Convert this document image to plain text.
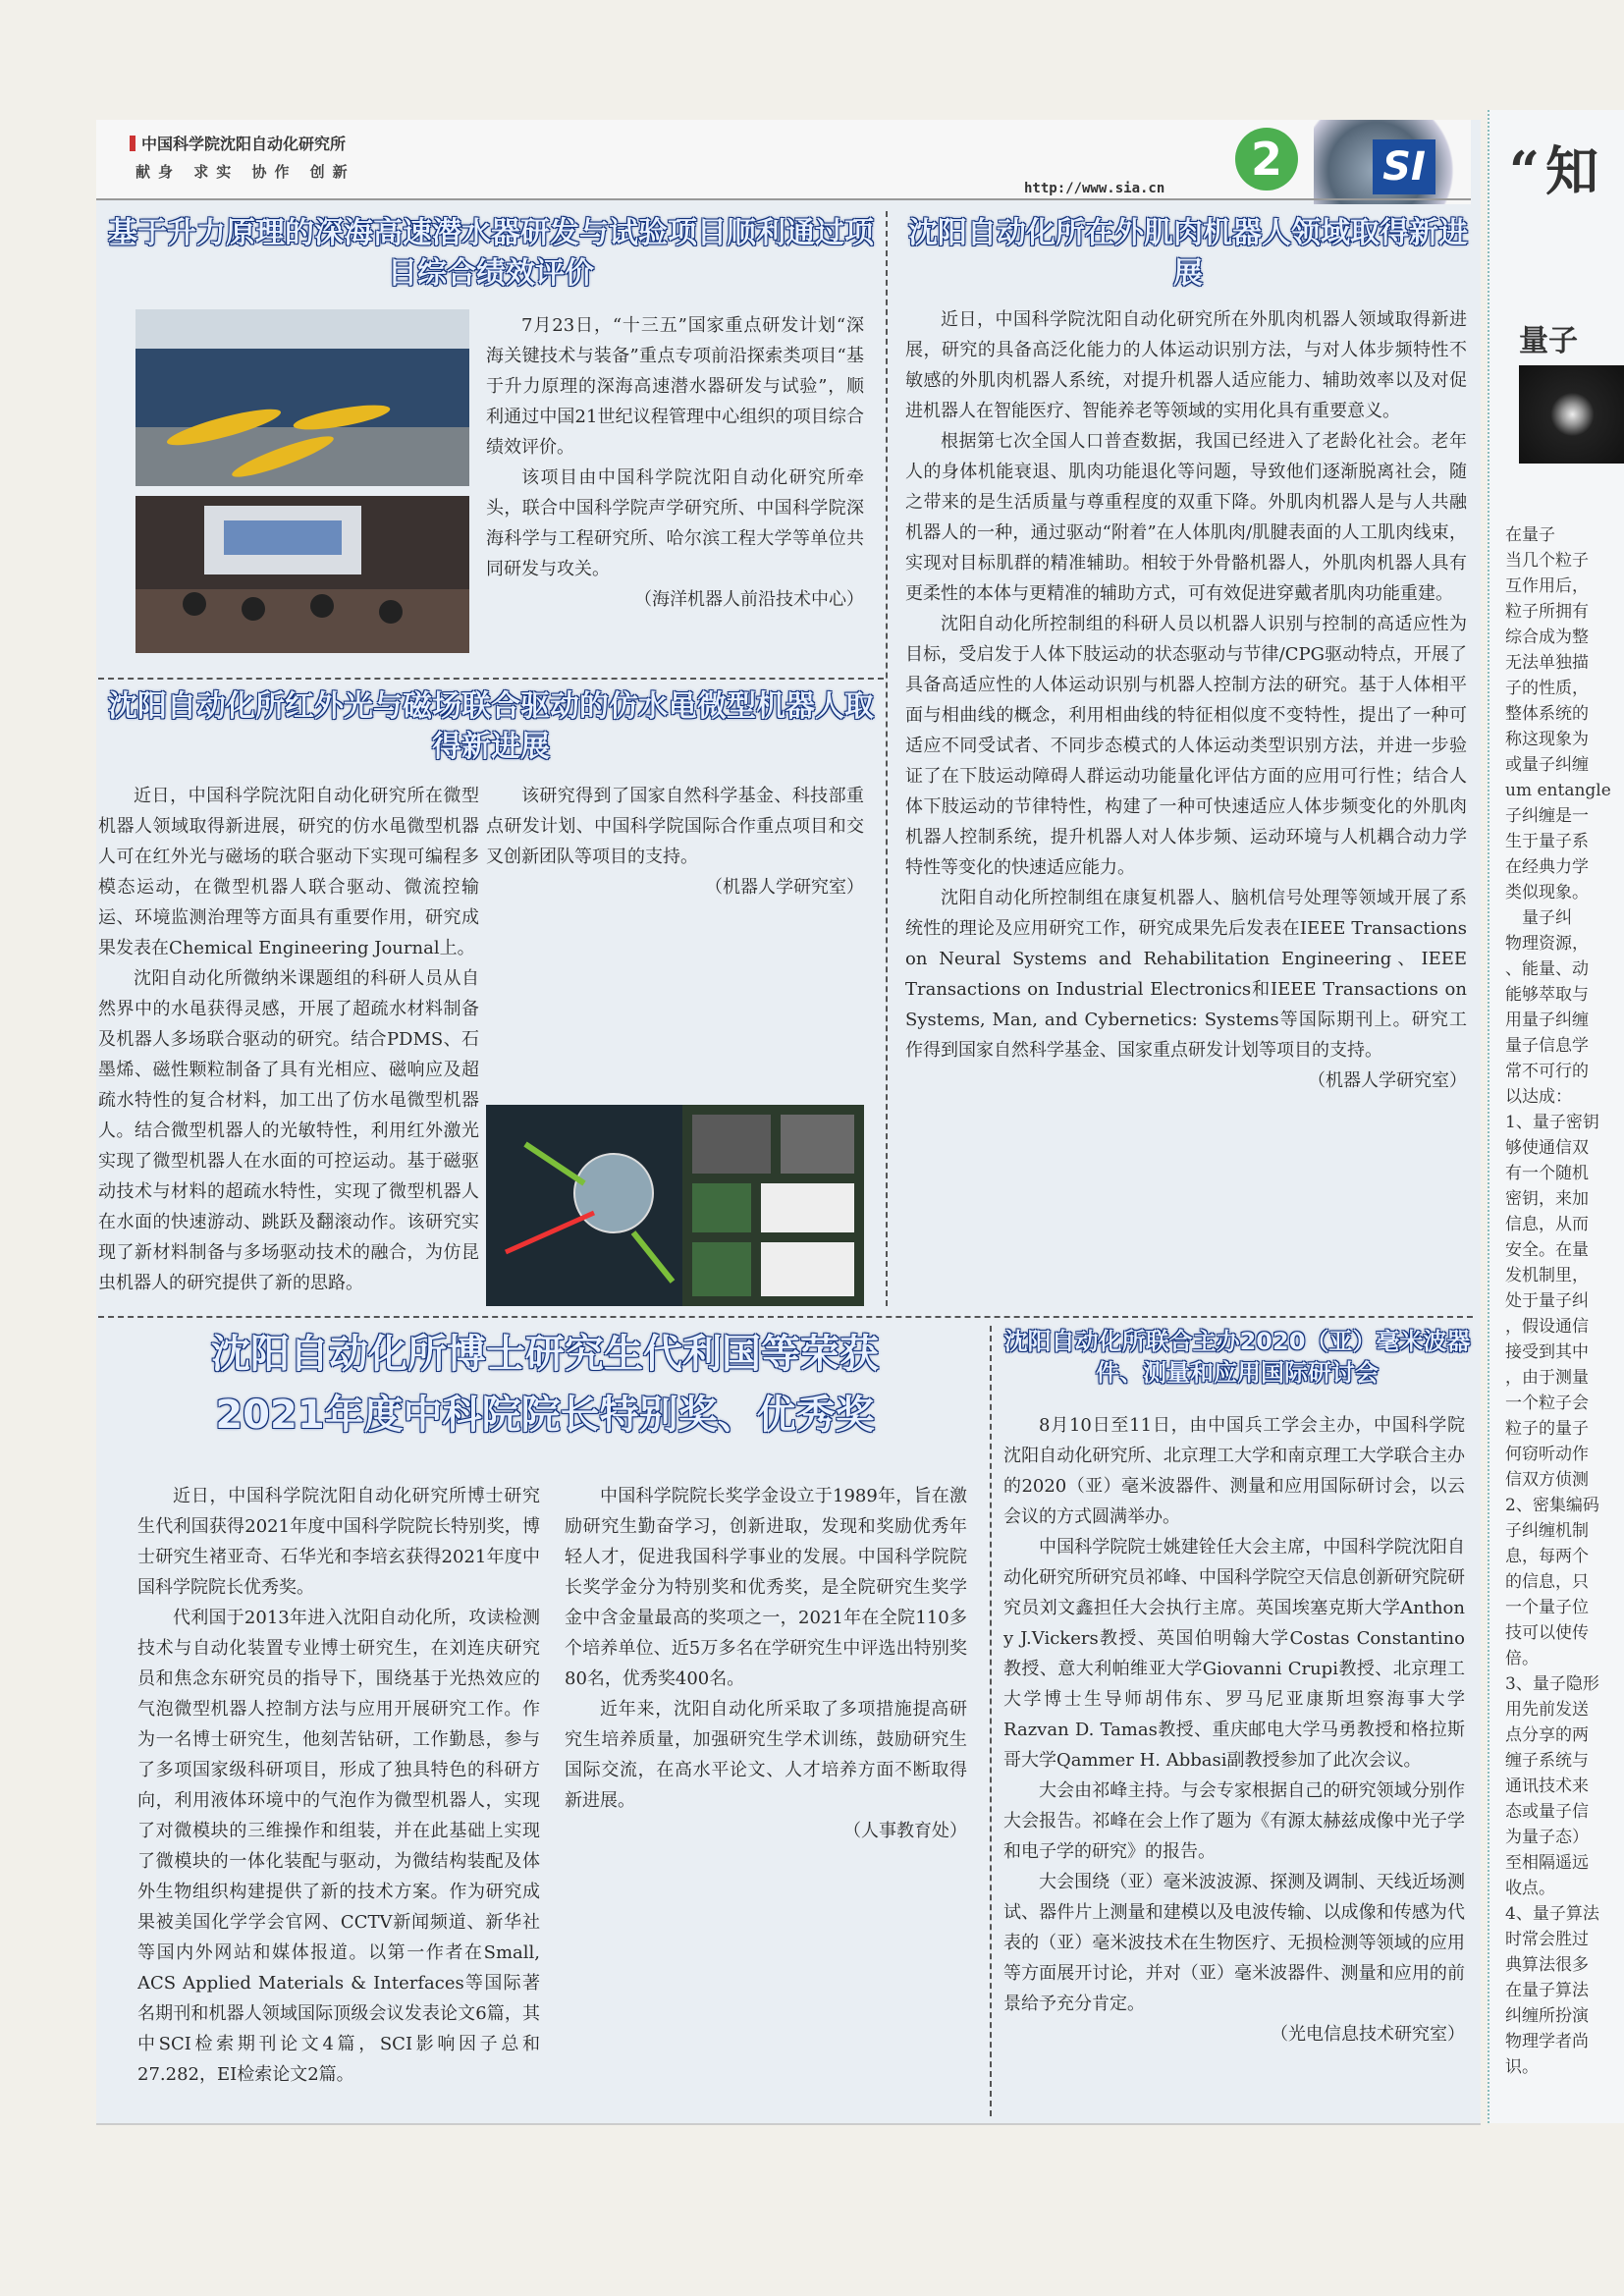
中国科学院沈阳自动化研究所
献身 求实 协作 创新
http://www.sia.cn
2	SI
基于升力原理的深海高速潜水器研发与试验项目顺利通过项目综合绩效评价

7月23日，“十三五”国家重点研发计划“深海关键技术与装备”重点专项前沿探索类项目“基于升力原理的深海高速潜水器研发与试验”，顺利通过中国21世纪议程管理中心组织的项目综合绩效评价。

该项目由中国科学院沈阳自动化研究所牵头，联合中国科学院声学研究所、中国科学院深海科学与工程研究所、哈尔滨工程大学等单位共同研发与攻关。

（海洋机器人前沿技术中心）

沈阳自动化所在外肌肉机器人领域取得新进展

近日，中国科学院沈阳自动化研究所在外肌肉机器人领域取得新进展，研究的具备高泛化能力的人体运动识别方法，与对人体步频特性不敏感的外肌肉机器人系统，对提升机器人适应能力、辅助效率以及对促进机器人在智能医疗、智能养老等领域的实用化具有重要意义。

根据第七次全国人口普查数据，我国已经进入了老龄化社会。老年人的身体机能衰退、肌肉功能退化等问题，导致他们逐渐脱离社会，随之带来的是生活质量与尊重程度的双重下降。外肌肉机器人是与人共融机器人的一种，通过驱动“附着”在人体肌肉/肌腱表面的人工肌肉线束，实现对目标肌群的精准辅助。相较于外骨骼机器人，外肌肉机器人具有更柔性的本体与更精准的辅助方式，可有效促进穿戴者肌肉功能重建。

沈阳自动化所控制组的科研人员以机器人识别与控制的高适应性为目标，受启发于人体下肢运动的状态驱动与节律/CPG驱动特点，开展了具备高适应性的人体运动识别与机器人控制方法的研究。基于人体相平面与相曲线的概念，利用相曲线的特征相似度不变特性，提出了一种可适应不同受试者、不同步态模式的人体运动类型识别方法，并进一步验证了在下肢运动障碍人群运动功能量化评估方面的应用可行性；结合人体下肢运动的节律特性，构建了一种可快速适应人体步频变化的外肌肉机器人控制系统，提升机器人对人体步频、运动环境与人机耦合动力学特性等变化的快速适应能力。

沈阳自动化所控制组在康复机器人、脑机信号处理等领域开展了系统性的理论及应用研究工作，研究成果先后发表在IEEE Transactions on Neural Systems and Rehabilitation Engineering、IEEE Transactions on Industrial Electronics和IEEE Transactions on Systems, Man, and Cybernetics: Systems等国际期刊上。研究工作得到国家自然科学基金、国家重点研发计划等项目的支持。

（机器人学研究室）

沈阳自动化所红外光与磁场联合驱动的仿水黾微型机器人取得新进展

近日，中国科学院沈阳自动化研究所在微型机器人领域取得新进展，研究的仿水黾微型机器人可在红外光与磁场的联合驱动下实现可编程多模态运动，在微型机器人联合驱动、微流控输运、环境监测治理等方面具有重要作用，研究成果发表在Chemical Engineering Journal上。

沈阳自动化所微纳米课题组的科研人员从自然界中的水黾获得灵感，开展了超疏水材料制备及机器人多场联合驱动的研究。结合PDMS、石墨烯、磁性颗粒制备了具有光相应、磁响应及超疏水特性的复合材料，加工出了仿水黾微型机器人。结合微型机器人的光敏特性，利用红外激光实现了微型机器人在水面的可控运动。基于磁驱动技术与材料的超疏水特性，实现了微型机器人在水面的快速游动、跳跃及翻滚动作。该研究实现了新材料制备与多场驱动技术的融合，为仿昆虫机器人的研究提供了新的思路。

该研究得到了国家自然科学基金、科技部重点研发计划、中国科学院国际合作重点项目和交叉创新团队等项目的支持。

（机器人学研究室）

沈阳自动化所博士研究生代利国等荣获
2021年度中科院院长特别奖、优秀奖

近日，中国科学院沈阳自动化研究所博士研究生代利国获得2021年度中国科学院院长特别奖，博士研究生褚亚奇、石华光和李培玄获得2021年度中国科学院院长优秀奖。

代利国于2013年进入沈阳自动化所，攻读检测技术与自动化装置专业博士研究生，在刘连庆研究员和焦念东研究员的指导下，围绕基于光热效应的气泡微型机器人控制方法与应用开展研究工作。作为一名博士研究生，他刻苦钻研，工作勤恳，参与了多项国家级科研项目，形成了独具特色的科研方向，利用液体环境中的气泡作为微型机器人，实现了对微模块的三维操作和组装，并在此基础上实现了微模块的一体化装配与驱动，为微结构装配及体外生物组织构建提供了新的技术方案。作为研究成果被美国化学学会官网、CCTV新闻频道、新华社等国内外网站和媒体报道。以第一作者在Small, ACS Applied Materials & Interfaces等国际著名期刊和机器人领域国际顶级会议发表论文6篇，其中SCI检索期刊论文4篇，SCI影响因子总和27.282，EI检索论文2篇。

中国科学院院长奖学金设立于1989年，旨在激励研究生勤奋学习，创新进取，发现和奖励优秀年轻人才，促进我国科学事业的发展。中国科学院院长奖学金分为特别奖和优秀奖，是全院研究生奖学金中含金量最高的奖项之一，2021年在全院110多个培养单位、近5万多名在学研究生中评选出特别奖80名，优秀奖400名。

近年来，沈阳自动化所采取了多项措施提高研究生培养质量，加强研究生学术训练，鼓励研究生国际交流，在高水平论文、人才培养方面不断取得新进展。

（人事教育处）

沈阳自动化所联合主办2020（亚）毫米波器件、测量和应用国际研讨会

8月10日至11日，由中国兵工学会主办，中国科学院沈阳自动化研究所、北京理工大学和南京理工大学联合主办的2020（亚）毫米波器件、测量和应用国际研讨会，以云会议的方式圆满举办。

中国科学院院士姚建铨任大会主席，中国科学院沈阳自动化研究所研究员祁峰、中国科学院空天信息创新研究院研究员刘文鑫担任大会执行主席。英国埃塞克斯大学Anthon y J.Vickers教授、英国伯明翰大学Costas Constantino教授、意大利帕维亚大学Giovanni Crupi教授、北京理工大学博士生导师胡伟东、罗马尼亚康斯坦察海事大学Razvan D. Tamas教授、重庆邮电大学马勇教授和格拉斯哥大学Qammer H. Abbasi副教授参加了此次会议。

大会由祁峰主持。与会专家根据自己的研究领域分别作大会报告。祁峰在会上作了题为《有源太赫兹成像中光子学和电子学的研究》的报告。

大会围绕（亚）毫米波波源、探测及调制、天线近场测试、器件片上测量和建模以及电波传输、以成像和传感为代表的（亚）毫米波技术在生物医疗、无损检测等领域的应用等方面展开讨论，并对（亚）毫米波器件、测量和应用的前景给予充分肯定。

（光电信息技术研究室）

“知
量子
在量子
当几个粒子
互作用后，
粒子所拥有
综合成为整
无法单独描
子的性质，
整体系统的
称这现象为
或量子纠缠
um entangle
子纠缠是一
生于量子系
在经典力学
类似现象。
　量子纠
物理资源，
、能量、动
能够萃取与
用量子纠缠
量子信息学
常不可行的
以达成：
1、量子密钥
够使通信双
有一个随机
密钥，来加
信息，从而
安全。在量
发机制里，
处于量子纠
，假设通信
接受到其中
，由于测量
一个粒子会
粒子的量子
何窃听动作
信双方侦测
2、密集编码
子纠缠机制
息，每两个
的信息，只
一个量子位
技可以使传
倍。
3、量子隐形
用先前发送
点分享的两
缠子系统与
通讯技术来
态或量子信
为量子态）
至相隔遥远
收点。
4、量子算法
时常会胜过
典算法很多
在量子算法
纠缠所扮演
物理学者尚
识。
